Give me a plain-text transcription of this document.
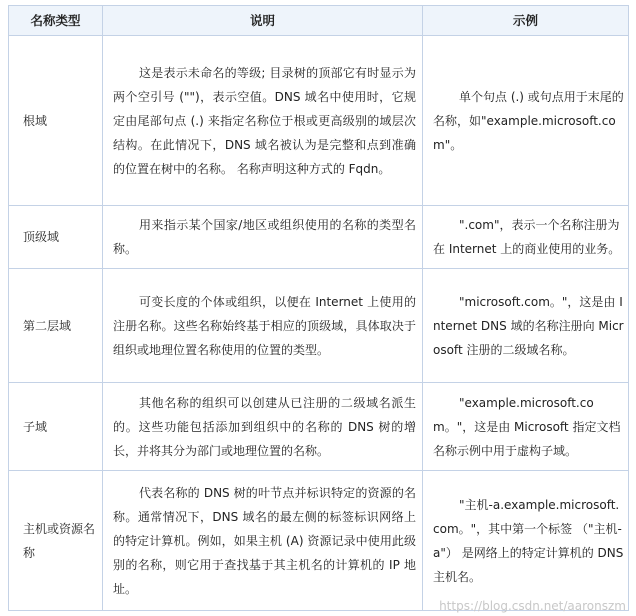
名称类型	说明	示例
根域	这是表示未命名的等级; 目录树的顶部它有时显示为两个空引号 ("")，表示空值。DNS 域名中使用时，它规定由尾部句点 (.) 来指定名称位于根或更高级别的域层次结构。在此情况下，DNS 域名被认为是完整和点到准确的位置在树中的名称。 名称声明这种方式的 Fqdn。	单个句点 (.) 或句点用于末尾的名称，如"example.microsoft.com"。
顶级域	用来指示某个国家/地区或组织使用的名称的类型名称。	".com"，表示一个名称注册为在 Internet 上的商业使用的业务。
第二层域	可变长度的个体或组织，以便在 Internet 上使用的注册名称。这些名称始终基于相应的顶级域，具体取决于组织或地理位置名称使用的位置的类型。	"microsoft.com。"，这是由 Internet DNS 域的名称注册向 Microsoft 注册的二级域名称。
子域	其他名称的组织可以创建从已注册的二级域名派生的。这些功能包括添加到组织中的名称的 DNS 树的增长，并将其分为部门或地理位置的名称。	"example.microsoft.com。"，这是由 Microsoft 指定文档名称示例中用于虚构子域。
主机或资源名称	代表名称的 DNS 树的叶节点并标识特定的资源的名称。通常情况下，DNS 域名的最左侧的标签标识网络上的特定计算机。例如，如果主机 (A) 资源记录中使用此级别的名称，则它用于查找基于其主机名的计算机的 IP 地址。	"主机-a.example.microsoft.com。"，其中第一个标签 （"主机-a"） 是网络上的特定计算机的 DNS 主机名。
https://blog.csdn.net/aaronszm
